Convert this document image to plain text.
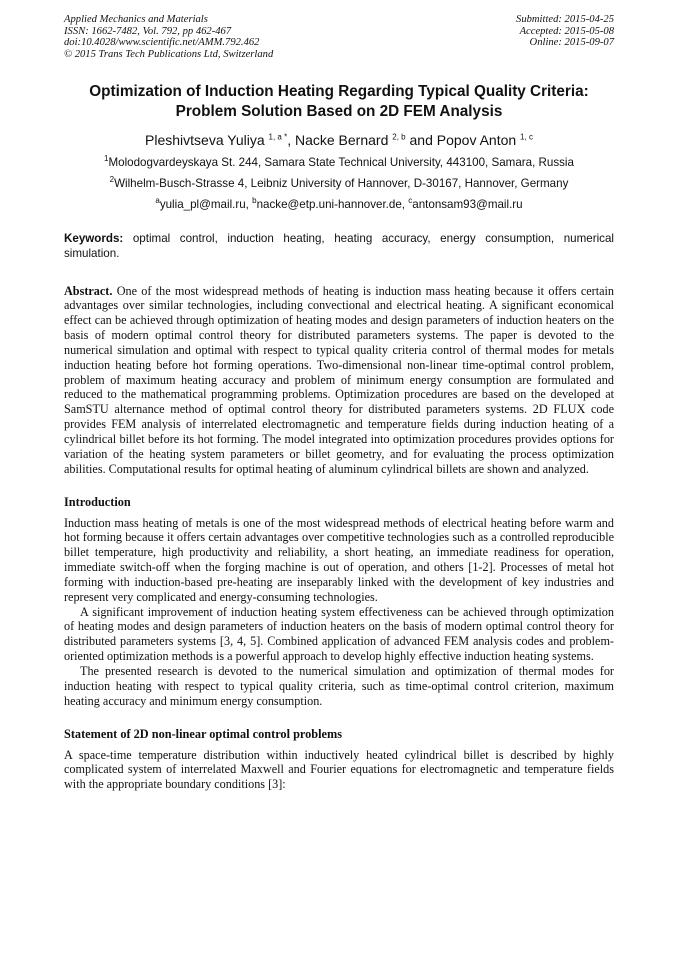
Applied Mechanics and Materials
ISSN: 1662-7482, Vol. 792, pp 462-467
doi:10.4028/www.scientific.net/AMM.792.462
© 2015 Trans Tech Publications Ltd, Switzerland
Submitted: 2015-04-25
Accepted: 2015-05-08
Online: 2015-09-07
Optimization of Induction Heating Regarding Typical Quality Criteria:
Problem Solution Based on 2D FEM Analysis
Pleshivtseva Yuliya $^{1, a *}$, Nacke Bernard $^{2, b}$ and Popov Anton $^{1, c}$
$^1$Molodogvardeyskaya St. 244, Samara State Technical University, 443100, Samara, Russia
$^2$Wilhelm-Busch-Strasse 4, Leibniz University of Hannover, D-30167, Hannover, Germany
$^a$yulia_pl@mail.ru, $^b$nacke@etp.uni-hannover.de, $^c$antonsam93@mail.ru
Keywords: optimal control, induction heating, heating accuracy, energy consumption, numerical simulation.

Abstract. One of the most widespread methods of heating is induction mass heating because it offers certain advantages over similar technologies, including convectional and electrical heating. A significant economical effect can be achieved through optimization of heating modes and design parameters of induction heaters on the basis of modern optimal control theory for distributed parameters systems. The paper is devoted to the numerical simulation and optimal with respect to typical quality criteria control of thermal modes for metals induction heating before hot forming operations. Two-dimensional non-linear time-optimal control problem, problem of maximum heating accuracy and problem of minimum energy consumption are formulated and reduced to the mathematical programming problems. Optimization procedures are based on the developed at SamSTU alternance method of optimal control theory for distributed parameters systems. 2D FLUX code provides FEM analysis of interrelated electromagnetic and temperature fields during induction heating of a cylindrical billet before its hot forming. The model integrated into optimization procedures provides options for variation of the heating system parameters or billet geometry, and for evaluating the process optimization abilities. Computational results for optimal heating of aluminum cylindrical billets are shown and analyzed.

Introduction

Induction mass heating of metals is one of the most widespread methods of electrical heating before warm and hot forming because it offers certain advantages over competitive technologies such as a controlled reproducible billet temperature, high productivity and reliability, a short heating, an immediate readiness for operation, immediate switch-off when the forging machine is out of operation, and others [1-2]. Processes of metal hot forming with induction-based pre-heating are inseparably linked with the development of key industries and represent very complicated and energy-consuming technologies.

A significant improvement of induction heating system effectiveness can be achieved through optimization of heating modes and design parameters of induction heaters on the basis of modern optimal control theory for distributed parameters systems [3, 4, 5]. Combined application of advanced FEM analysis codes and problem-oriented optimization methods is a powerful approach to develop highly effective induction heating systems.

The presented research is devoted to the numerical simulation and optimization of thermal modes for induction heating with respect to typical quality criteria, such as time-optimal control criterion, maximum heating accuracy and minimum energy consumption.

Statement of 2D non-linear optimal control problems

A space-time temperature distribution within inductively heated cylindrical billet is described by highly complicated system of interrelated Maxwell and Fourier equations for electromagnetic and temperature fields with the appropriate boundary conditions [3]:
